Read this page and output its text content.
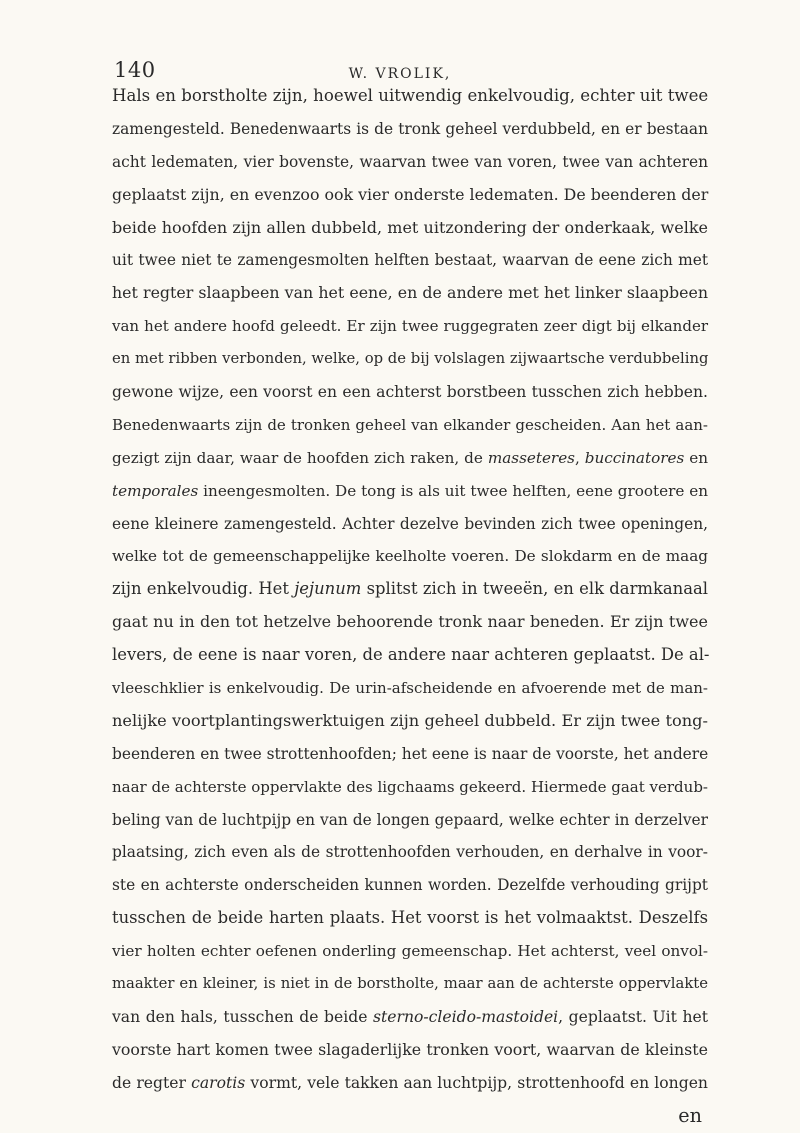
140	W. VROLIK,
Hals en borstholte zijn, hoewel uitwendig enkelvoudig, echter uit twee
zamengesteld. Benedenwaarts is de tronk geheel verdubbeld, en er bestaan
acht ledematen, vier bovenste, waarvan twee van voren, twee van achteren
geplaatst zijn, en evenzoo ook vier onderste ledematen. De beenderen der
beide hoofden zijn allen dubbeld, met uitzondering der onderkaak, welke
uit twee niet te zamengesmolten helften bestaat, waarvan de eene zich met
het regter slaapbeen van het eene, en de andere met het linker slaapbeen
van het andere hoofd geleedt. Er zijn twee ruggegraten zeer digt bij elkander
en met ribben verbonden, welke, op de bij volslagen zijwaartsche verdubbeling
gewone wijze, een voorst en een achterst borstbeen tusschen zich hebben.
Benedenwaarts zijn de tronken geheel van elkander gescheiden. Aan het aan-
gezigt zijn daar, waar de hoofden zich raken, de masseteres, buccinatores en
temporales ineengesmolten. De tong is als uit twee helften, eene grootere en
eene kleinere zamengesteld. Achter dezelve bevinden zich twee openingen,
welke tot de gemeenschappelijke keelholte voeren. De slokdarm en de maag
zijn enkelvoudig. Het jejunum splitst zich in tweeën, en elk darmkanaal
gaat nu in den tot hetzelve behoorende tronk naar beneden. Er zijn twee
levers, de eene is naar voren, de andere naar achteren geplaatst. De al-
vleeschklier is enkelvoudig. De urin-afscheidende en afvoerende met de man-
nelijke voortplantingswerktuigen zijn geheel dubbeld. Er zijn twee tong-
beenderen en twee strottenhoofden; het eene is naar de voorste, het andere
naar de achterste oppervlakte des ligchaams gekeerd. Hiermede gaat verdub-
beling van de luchtpijp en van de longen gepaard, welke echter in derzelver
plaatsing, zich even als de strottenhoofden verhouden, en derhalve in voor-
ste en achterste onderscheiden kunnen worden. Dezelfde verhouding grijpt
tusschen de beide harten plaats. Het voorst is het volmaaktst. Deszelfs
vier holten echter oefenen onderling gemeenschap. Het achterst, veel onvol-
maakter en kleiner, is niet in de borstholte, maar aan de achterste oppervlakte
van den hals, tusschen de beide sterno-cleido-mastoidei, geplaatst. Uit het
voorste hart komen twee slagaderlijke tronken voort, waarvan de kleinste
de regter carotis vormt, vele takken aan luchtpijp, strottenhoofd en longen
en
